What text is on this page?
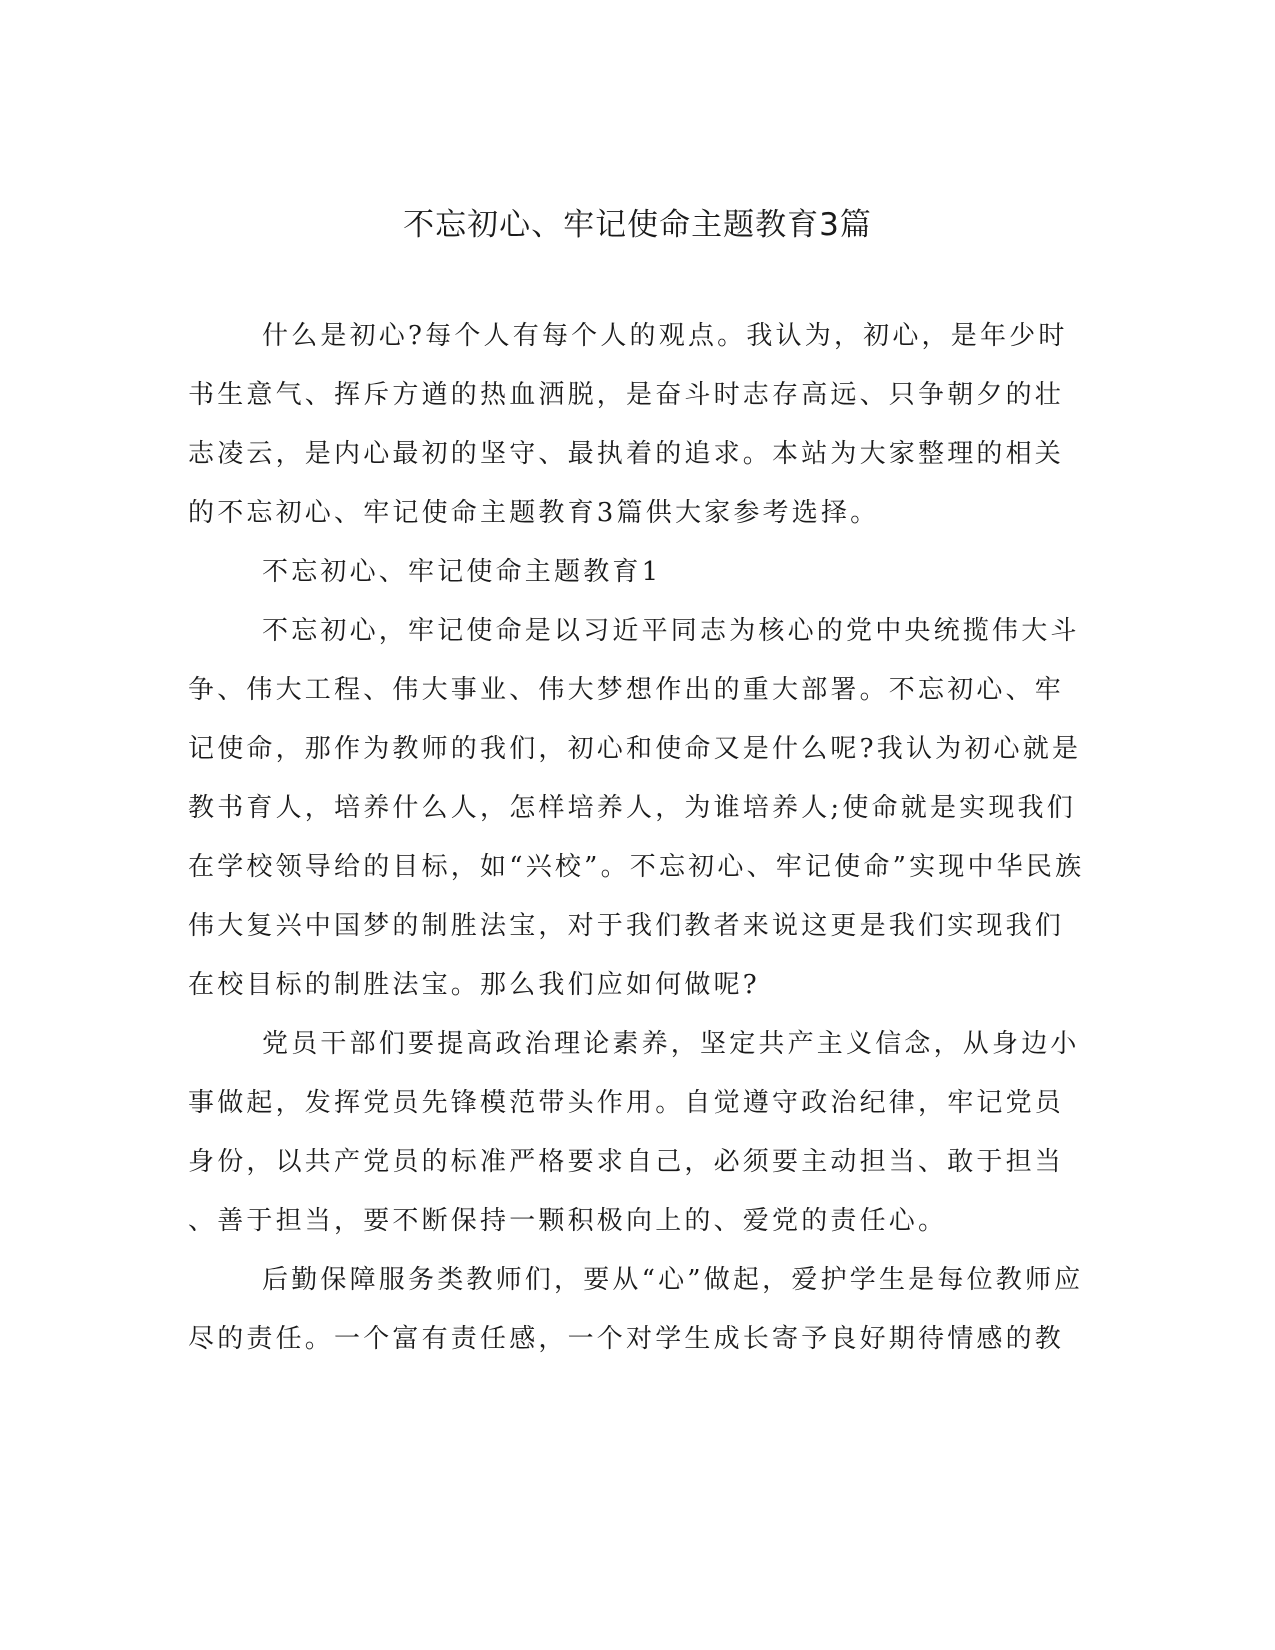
不忘初心、牢记使命主题教育3篇
什么是初心?每个人有每个人的观点。我认为，初心，是年少时
书生意气、挥斥方遒的热血洒脱，是奋斗时志存高远、只争朝夕的壮
志凌云，是内心最初的坚守、最执着的追求。本站为大家整理的相关
的不忘初心、牢记使命主题教育3篇供大家参考选择。
不忘初心、牢记使命主题教育1
不忘初心，牢记使命是以习近平同志为核心的党中央统揽伟大斗
争、伟大工程、伟大事业、伟大梦想作出的重大部署。不忘初心、牢
记使命，那作为教师的我们，初心和使命又是什么呢?我认为初心就是
教书育人，培养什么人，怎样培养人，为谁培养人;使命就是实现我们
在学校领导给的目标，如“兴校”。不忘初心、牢记使命”实现中华民族
伟大复兴中国梦的制胜法宝，对于我们教者来说这更是我们实现我们
在校目标的制胜法宝。那么我们应如何做呢?
党员干部们要提高政治理论素养，坚定共产主义信念，从身边小
事做起，发挥党员先锋模范带头作用。自觉遵守政治纪律，牢记党员
身份，以共产党员的标准严格要求自己，必须要主动担当、敢于担当
、善于担当，要不断保持一颗积极向上的、爱党的责任心。
后勤保障服务类教师们，要从“心”做起，爱护学生是每位教师应
尽的责任。一个富有责任感，一个对学生成长寄予良好期待情感的教
